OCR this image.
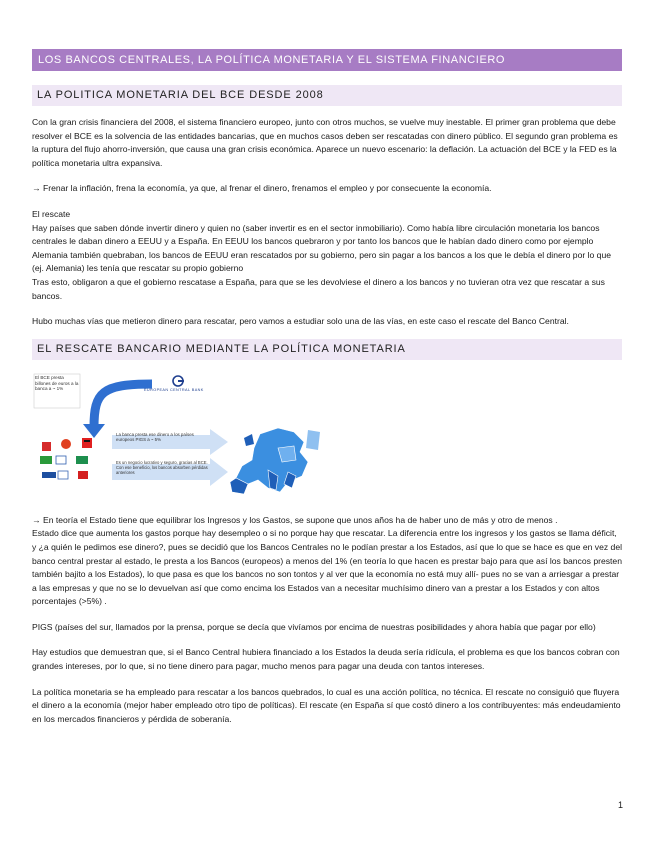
LOS BANCOS CENTRALES, LA POLÍTICA MONETARIA Y EL SISTEMA FINANCIERO
LA POLITICA MONETARIA DEL BCE DESDE 2008

Con la gran crisis financiera del 2008, el sistema financiero europeo, junto con otros muchos, se vuelve muy inestable. El primer gran problema que debe resolver el BCE es la solvencia de las entidades bancarias, que en muchos casos deben ser rescatadas con dinero público. El segundo gran problema es la ruptura del flujo ahorro-inversión, que causa una gran crisis económica. Aparece un nuevo escenario: la deflación. La actuación del BCE y la FED es la política monetaria ultra expansiva.

→ Frenar la inflación, frena la economía, ya que, al frenar el dinero, frenamos el empleo y por consecuente la economía.

El rescate

Hay países que saben dónde invertir dinero y quien no (saber invertir es en el sector inmobiliario). Como había libre circulación monetaria los bancos centrales le daban dinero a EEUU y a España. En EEUU los bancos quebraron y por tanto los bancos que le habían dado dinero como por ejemplo Alemania también quebraban, los bancos de EEUU eran rescatados por su gobierno, pero sin pagar a los bancos a los que le debía el dinero por lo que (ej. Alemania) les tenía que rescatar su propio gobierno

Tras esto, obligaron a que el gobierno rescatase a España, para que se les devolviese el dinero a los bancos y no tuvieran otra vez que rescatar a sus bancos.

Hubo muchas vías que metieron dinero para rescatar, pero vamos a estudiar solo una de las vías, en este caso el rescate del Banco Central.

EL RESCATE BANCARIO MEDIANTE LA POLÍTICA MONETARIA
El BCE presta billones de euros a la banca a ~ 1%	EUROPEAN CENTRAL BANK
La banca presta ese dinero a los países europeos PIGS a ~ 5%
Es un negocio lucrativo y seguro, gracias al BCE. Con ese beneficio, los bancos absorben pérdidas anteriores

→ En teoría el Estado tiene que equilibrar los Ingresos y los Gastos, se supone que unos años ha de haber uno de más y otro de menos .

Estado dice que aumenta los gastos porque hay desempleo o si no porque hay que rescatar. La diferencia entre los ingresos y los gastos se llama déficit, y ¿a quién le pedimos ese dinero?, pues se decidió que los Bancos Centrales no le podían prestar a los Estados, así que lo que se hace es que en vez del banco central prestar al estado, le presta a los Bancos (europeos) a menos del 1% (en teoría lo que hacen es prestar bajo para que así los bancos presten también bajito a los Estados), lo que pasa es que los bancos no son tontos y al ver que la economía no está muy allí- pues no se van a arriesgar a prestar a las empresas y que no se lo devuelvan así que como encima los Estados van a necesitar muchísimo dinero van a prestar a los Estados y con altos porcentajes (>5%) .

PIGS (países del sur, llamados por la prensa, porque se decía que vivíamos por encima de nuestras posibilidades y ahora había que pagar por ello)

Hay estudios que demuestran que, si el Banco Central hubiera financiado a los Estados la deuda sería ridícula, el problema es que los bancos cobran con grandes intereses, por lo que, si no tiene dinero para pagar, mucho menos para pagar una deuda con tantos intereses.

La política monetaria se ha empleado para rescatar a los bancos quebrados, lo cual es una acción política, no técnica. El rescate no consiguió que fluyera el dinero a la economía (mejor haber empleado otro tipo de políticas). El rescate (en España sí que costó dinero a los contribuyentes: más endeudamiento en los mercados financieros y pérdida de soberanía.

1
